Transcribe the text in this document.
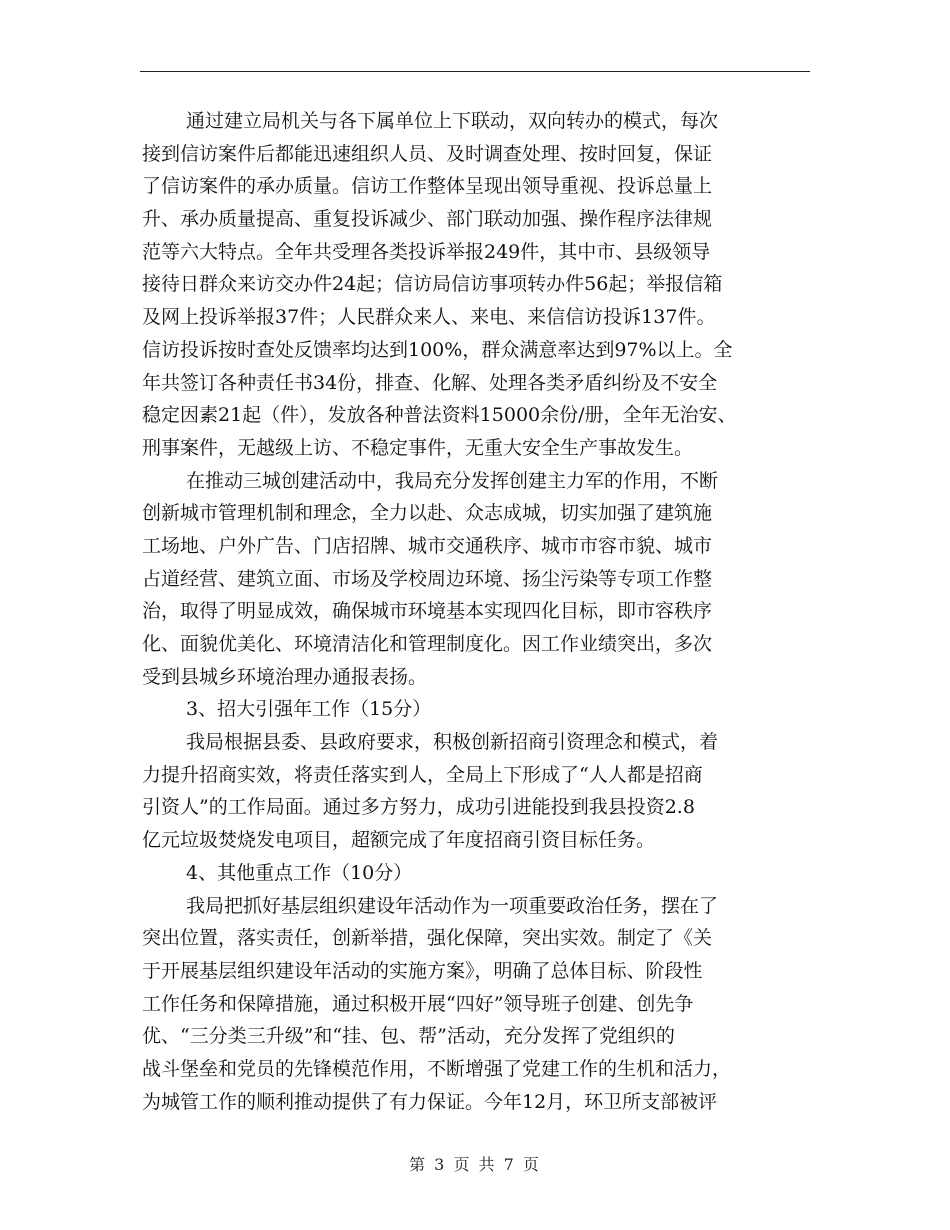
通过建立局机关与各下属单位上下联动，双向转办的模式，每次
接到信访案件后都能迅速组织人员、及时调查处理、按时回复，保证
了信访案件的承办质量。信访工作整体呈现出领导重视、投诉总量上
升、承办质量提高、重复投诉减少、部门联动加强、操作程序法律规
范等六大特点。全年共受理各类投诉举报249件，其中市、县级领导
接待日群众来访交办件24起；信访局信访事项转办件56起；举报信箱
及网上投诉举报37件；人民群众来人、来电、来信信访投诉137件。
信访投诉按时查处反馈率均达到100%，群众满意率达到97%以上。全
年共签订各种责任书34份，排查、化解、处理各类矛盾纠纷及不安全
稳定因素21起（件），发放各种普法资料15000余份/册，全年无治安、
刑事案件，无越级上访、不稳定事件，无重大安全生产事故发生。
在推动三城创建活动中，我局充分发挥创建主力军的作用，不断
创新城市管理机制和理念，全力以赴、众志成城，切实加强了建筑施
工场地、户外广告、门店招牌、城市交通秩序、城市市容市貌、城市
占道经营、建筑立面、市场及学校周边环境、扬尘污染等专项工作整
治，取得了明显成效，确保城市环境基本实现四化目标，即市容秩序
化、面貌优美化、环境清洁化和管理制度化。因工作业绩突出，多次
受到县城乡环境治理办通报表扬。
3、招大引强年工作（15分）
我局根据县委、县政府要求，积极创新招商引资理念和模式，着
力提升招商实效，将责任落实到人，全局上下形成了“人人都是招商
引资人”的工作局面。通过多方努力，成功引进能投到我县投资2.8
亿元垃圾焚烧发电项目，超额完成了年度招商引资目标任务。
4、其他重点工作（10分）
我局把抓好基层组织建设年活动作为一项重要政治任务，摆在了
突出位置，落实责任，创新举措，强化保障，突出实效。制定了《关
于开展基层组织建设年活动的实施方案》，明确了总体目标、阶段性
工作任务和保障措施，通过积极开展“四好”领导班子创建、创先争
优、“三分类三升级”和“挂、包、帮”活动，充分发挥了党组织的
战斗堡垒和党员的先锋模范作用，不断增强了党建工作的生机和活力，
为城管工作的顺利推动提供了有力保证。今年12月，环卫所支部被评
第 3 页 共 7 页
